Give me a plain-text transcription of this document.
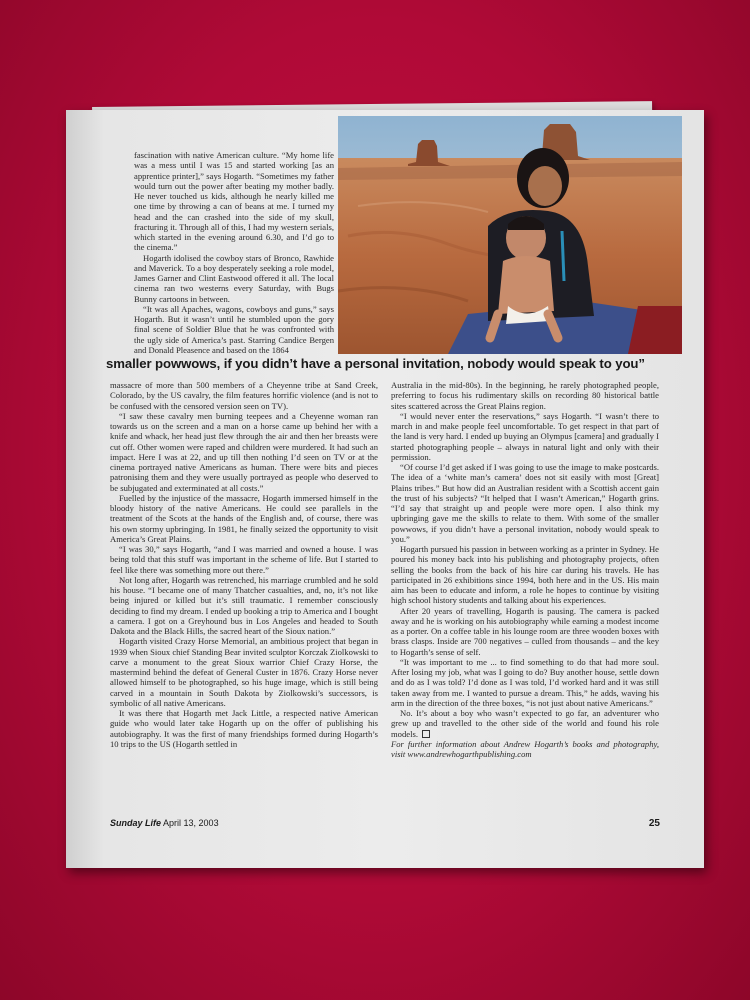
fascination with native American culture. “My home life was a mess until I was 15 and started working [as an apprentice printer],” says Hogarth. “Sometimes my father would turn out the power after beating my mother badly. He never touched us kids, although he nearly killed me one time by throwing a can of beans at me. I turned my head and the can crashed into the side of my skull, fracturing it. Through all of this, I had my western serials, which started in the evening around 6.30, and I’d go to the cinema.”

Hogarth idolised the cowboy stars of Bronco, Rawhide and Maverick. To a boy desperately seeking a role model, James Garner and Clint Eastwood offered it all. The local cinema ran two westerns every Saturday, with Bugs Bunny cartoons in between.

“It was all Apaches, wagons, cowboys and guns,” says Hogarth. But it wasn’t until he stumbled upon the gory final scene of Soldier Blue that he was confronted with the ugly side of America’s past. Starring Candice Bergen and Donald Pleasence and based on the 1864

smaller powwows, if you didn’t have a personal invitation, nobody would speak to you”

massacre of more than 500 members of a Cheyenne tribe at Sand Creek, Colorado, by the US cavalry, the film features horrific violence (and is not to be confused with the censored version seen on TV).

“I saw these cavalry men burning teepees and a Cheyenne woman ran towards us on the screen and a man on a horse came up behind her with a knife and whack, her head just flew through the air and then her breasts were cut off. Other women were raped and children were murdered. It had such an impact. Here I was at 22, and up till then nothing I’d seen on TV or at the cinema portrayed native Americans as human. There were bits and pieces patronising them and they were usually portrayed as people who deserved to be subjugated and exterminated at all costs.”

Fuelled by the injustice of the massacre, Hogarth immersed himself in the bloody history of the native Americans. He could see parallels in the treatment of the Scots at the hands of the English and, of course, there was his own stormy upbringing. In 1981, he finally seized the opportunity to visit America’s Great Plains.

“I was 30,” says Hogarth, “and I was married and owned a house. I was being told that this stuff was important in the scheme of life. But I started to feel like there was something more out there.”

Not long after, Hogarth was retrenched, his marriage crumbled and he sold his house. “I became one of many Thatcher casualties, and, no, it’s not like being injured or killed but it’s still traumatic. I remember consciously deciding to find my dream. I ended up booking a trip to America and I bought a camera. I got on a Greyhound bus in Los Angeles and headed to South Dakota and the Black Hills, the sacred heart of the Sioux nation.”

Hogarth visited Crazy Horse Memorial, an ambitious project that began in 1939 when Sioux chief Standing Bear invited sculptor Korczak Ziolkowski to carve a monument to the great Sioux warrior Chief Crazy Horse, the mastermind behind the defeat of General Custer in 1876. Crazy Horse never allowed himself to be photographed, so his huge image, which is still being carved in a mountain in South Dakota by Ziolkowski’s successors, is symbolic of all native Americans.

It was there that Hogarth met Jack Little, a respected native American guide who would later take Hogarth up on the offer of publishing his autobiography. It was the first of many friendships formed during Hogarth’s 10 trips to the US (Hogarth settled in

Australia in the mid-80s). In the beginning, he rarely photographed people, preferring to focus his rudimentary skills on recording 80 historical battle sites scattered across the Great Plains region.

“I would never enter the reservations,” says Hogarth. “I wasn’t there to march in and make people feel uncomfortable. To get respect in that part of the land is very hard. I ended up buying an Olympus [camera] and gradually I started photographing people – always in natural light and only with their permission.

“Of course I’d get asked if I was going to use the image to make postcards. The idea of a ‘white man’s camera’ does not sit easily with most [Great] Plains tribes.” But how did an Australian resident with a Scottish accent gain the trust of his subjects? “It helped that I wasn’t American,” Hogarth grins. “I’d say that straight up and people were more open. I also think my upbringing gave me the skills to relate to them. With some of the smaller powwows, if you didn’t have a personal invitation, nobody would speak to you.”

Hogarth pursued his passion in between working as a printer in Sydney. He poured his money back into his publishing and photography projects, often selling the books from the back of his hire car during his travels. He has participated in 26 exhibitions since 1994, both here and in the US. His main aim has been to educate and inform, a role he hopes to continue by visiting high school history students and talking about his experiences.

After 20 years of travelling, Hogarth is pausing. The camera is packed away and he is working on his autobiography while earning a modest income as a porter. On a coffee table in his lounge room are three wooden boxes with brass clasps. Inside are 700 negatives – culled from thousands – and the key to Hogarth’s sense of self.

“It was important to me ... to find something to do that had more soul. After losing my job, what was I going to do? Buy another house, settle down and do as I was told? I’d done as I was told, I’d worked hard and it was still taken away from me. I wanted to pursue a dream. This,” he adds, waving his arm in the direction of the three boxes, “is not just about native Americans.”

No. It’s about a boy who wasn’t expected to go far, an adventurer who grew up and travelled to the other side of the world and found his role models.

For further information about Andrew Hogarth’s books and photography, visit www.andrewhogarthpublishing.com

Sunday Life April 13, 2003	25
